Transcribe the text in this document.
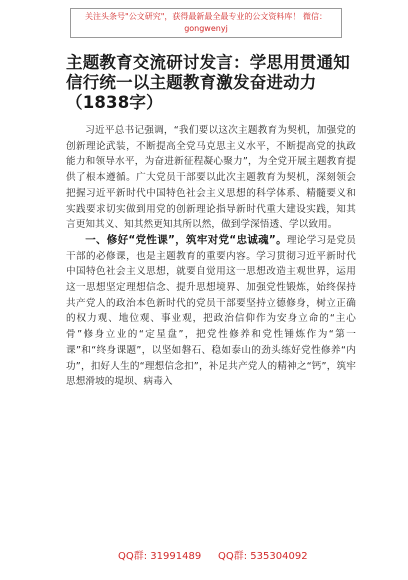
关注头条号"公文研究"，获得最新最全最专业的公文资料库！ 微信：gongwenyj
主题教育交流研讨发言：学思用贯通知信行统一以主题教育激发奋进动力（1838字）

习近平总书记强调，“我们要以这次主题教育为契机，加强党的创新理论武装，不断提高全党马克思主义水平，不断提高党的执政能力和领导水平，为奋进新征程凝心聚力”，为全党开展主题教育提供了根本遵循。广大党员干部要以此次主题教育为契机，深刻领会把握习近平新时代中国特色社会主义思想的科学体系、精髓要义和实践要求切实做到用党的创新理论指导新时代重大建设实践，知其言更知其义、知其然更知其所以然，做到学深悟透、学以致用。

一、修好“党性课”，筑牢对党“忠诚魂”。理论学习是党员干部的必修课，也是主题教育的重要内容。学习贯彻习近平新时代中国特色社会主义思想，就要自觉用这一思想改造主观世界，运用这一思想坚定理想信念、提升思想境界、加强党性锻炼，始终保持共产党人的政治本色新时代的党员干部要坚持立德修身，树立正确的权力观、地位观、事业观，把政治信仰作为安身立命的“主心骨”修身立业的“定星盘”，把党性修养和党性锤炼作为“第一课”和“终身课题”，以坚如磐石、稳如泰山的劲头练好党性修养“内功”，扣好人生的“理想信念扣”，补足共产党人的精神之“钙”，筑牢思想滑坡的堤坝、病毒入

QQ群: 31991489 QQ群: 535304092
